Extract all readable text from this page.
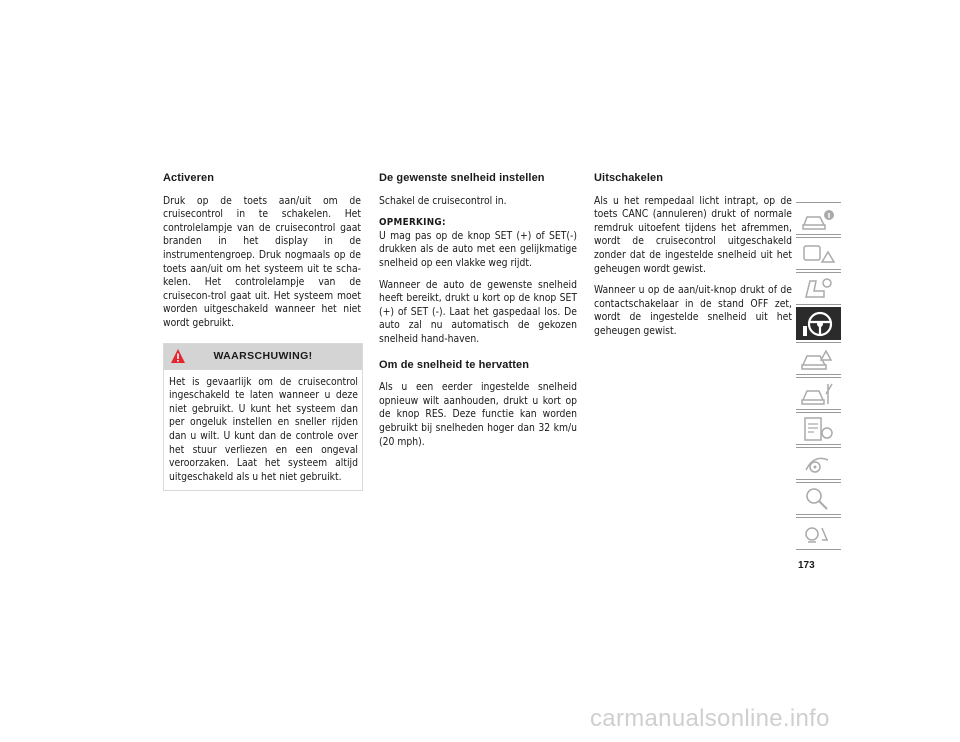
Activeren

Druk op de toets aan/uit om de cruisecontrol in te schakelen. Het controlelampje van de cruisecontrol gaat branden in het display in de instrumentengroep. Druk nogmaals op de toets aan/uit om het systeem uit te scha-kelen. Het controlelampje van de cruisecon-trol gaat uit. Het systeem moet worden uitgeschakeld wanneer het niet wordt gebruikt.

WAARSCHUWING!
Het is gevaarlijk om de cruisecontrol ingeschakeld te laten wanneer u deze niet gebruikt. U kunt het systeem dan per ongeluk instellen en sneller rijden dan u wilt. U kunt dan de controle over het stuur verliezen en een ongeval veroorzaken. Laat het systeem altijd uitgeschakeld als u het niet gebruikt.
De gewenste snelheid instellen

Schakel de cruisecontrol in.

OPMERKING:
U mag pas op de knop SET (+) of SET(-) drukken als de auto met een gelijkmatige snelheid op een vlakke weg rijdt.

Wanneer de auto de gewenste snelheid heeft bereikt, drukt u kort op de knop SET (+) of SET (-). Laat het gaspedaal los. De auto zal nu automatisch de gekozen snelheid hand-haven.

Om de snelheid te hervatten

Als u een eerder ingestelde snelheid opnieuw wilt aanhouden, drukt u kort op de knop RES. Deze functie kan worden gebruikt bij snelheden hoger dan 32 km/u (20 mph).

Uitschakelen

Als u het rempedaal licht intrapt, op de toets CANC (annuleren) drukt of normale remdruk uitoefent tijdens het afremmen, wordt de cruisecontrol uitgeschakeld zonder dat de ingestelde snelheid uit het geheugen wordt gewist.

Wanneer u op de aan/uit-knop drukt of de contactschakelaar in de stand OFF zet, wordt de ingestelde snelheid uit het geheugen gewist.

173
carmanualsonline.info
